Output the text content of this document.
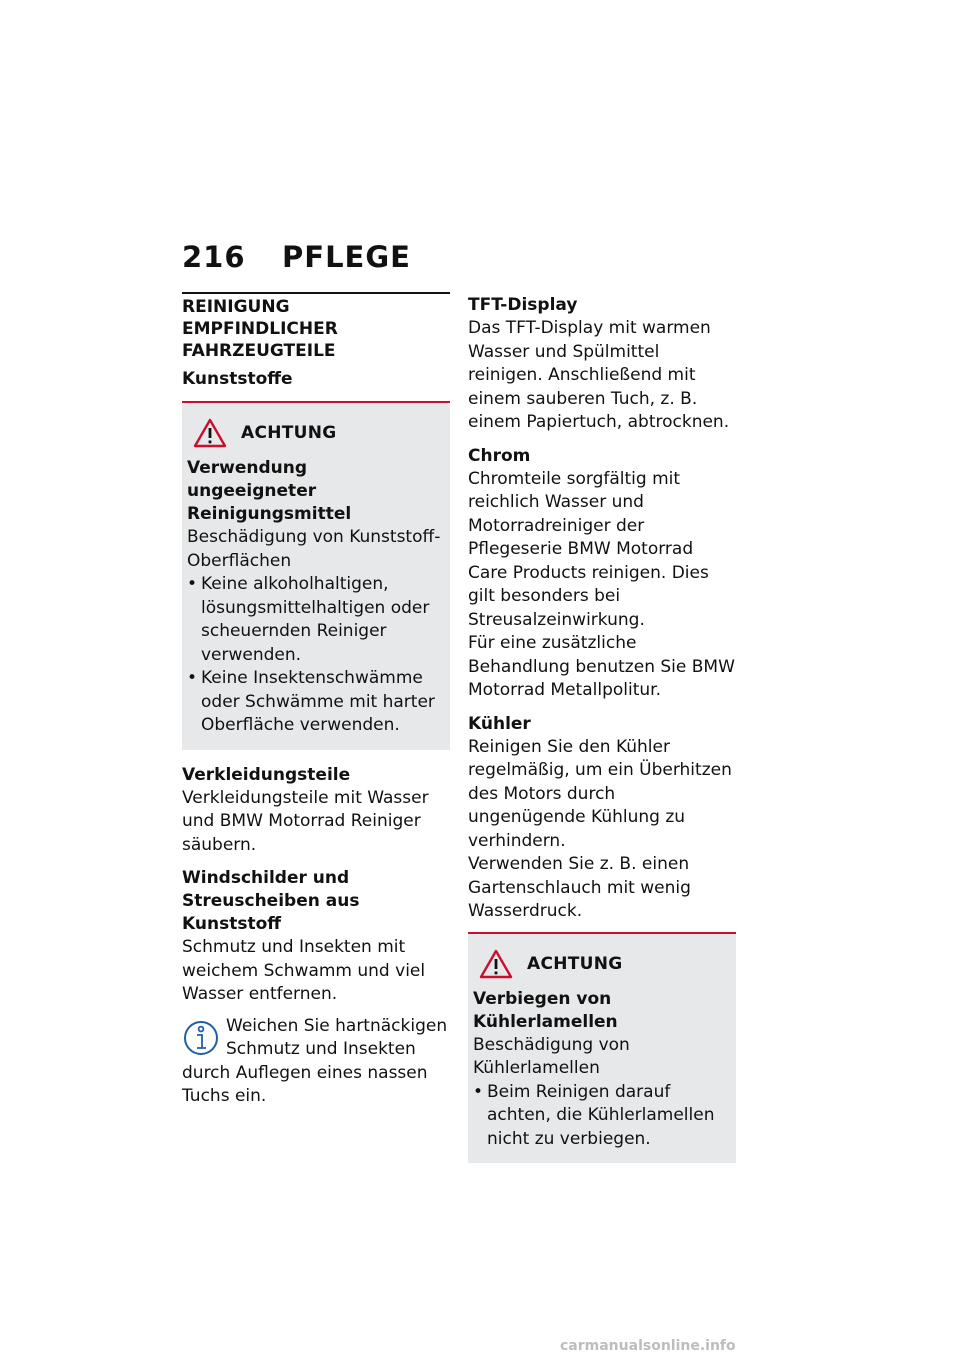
216 PFLEGE
REINIGUNG EMPFINDLICHER FAHRZEUGTEILE
Kunststoffe
ACHTUNG
Verwendung ungeeigneter Reinigungsmittel
Beschädigung von Kunststoff-Oberflächen
• Keine alkoholhaltigen, lösungsmittelhaltigen oder scheuernden Reiniger verwenden.
• Keine Insektenschwämme oder Schwämme mit harter Oberfläche verwenden.
Verkleidungsteile
Verkleidungsteile mit Wasser und BMW Motorrad Reiniger säubern.
Windschilder und Streuscheiben aus Kunststoff
Schmutz und Insekten mit weichem Schwamm und viel Wasser entfernen.
Weichen Sie hartnäckigen Schmutz und Insekten durch Auflegen eines nassen Tuchs ein.
TFT-Display
Das TFT-Display mit warmen Wasser und Spülmittel reinigen. Anschließend mit einem sauberen Tuch, z. B. einem Papiertuch, abtrocknen.
Chrom
Chromteile sorgfältig mit reichlich Wasser und Motorradreiniger der Pflegeserie BMW Motorrad Care Products reinigen. Dies gilt besonders bei Streusalzeinwirkung.
Für eine zusätzliche Behandlung benutzen Sie BMW Motorrad Metallpolitur.
Kühler
Reinigen Sie den Kühler regelmäßig, um ein Überhitzen des Motors durch ungenügende Kühlung zu verhindern.
Verwenden Sie z. B. einen Gartenschlauch mit wenig Wasserdruck.
ACHTUNG
Verbiegen von Kühlerlamellen
Beschädigung von Kühlerlamellen
• Beim Reinigen darauf achten, die Kühlerlamellen nicht zu verbiegen.
carmanualsonline.info
